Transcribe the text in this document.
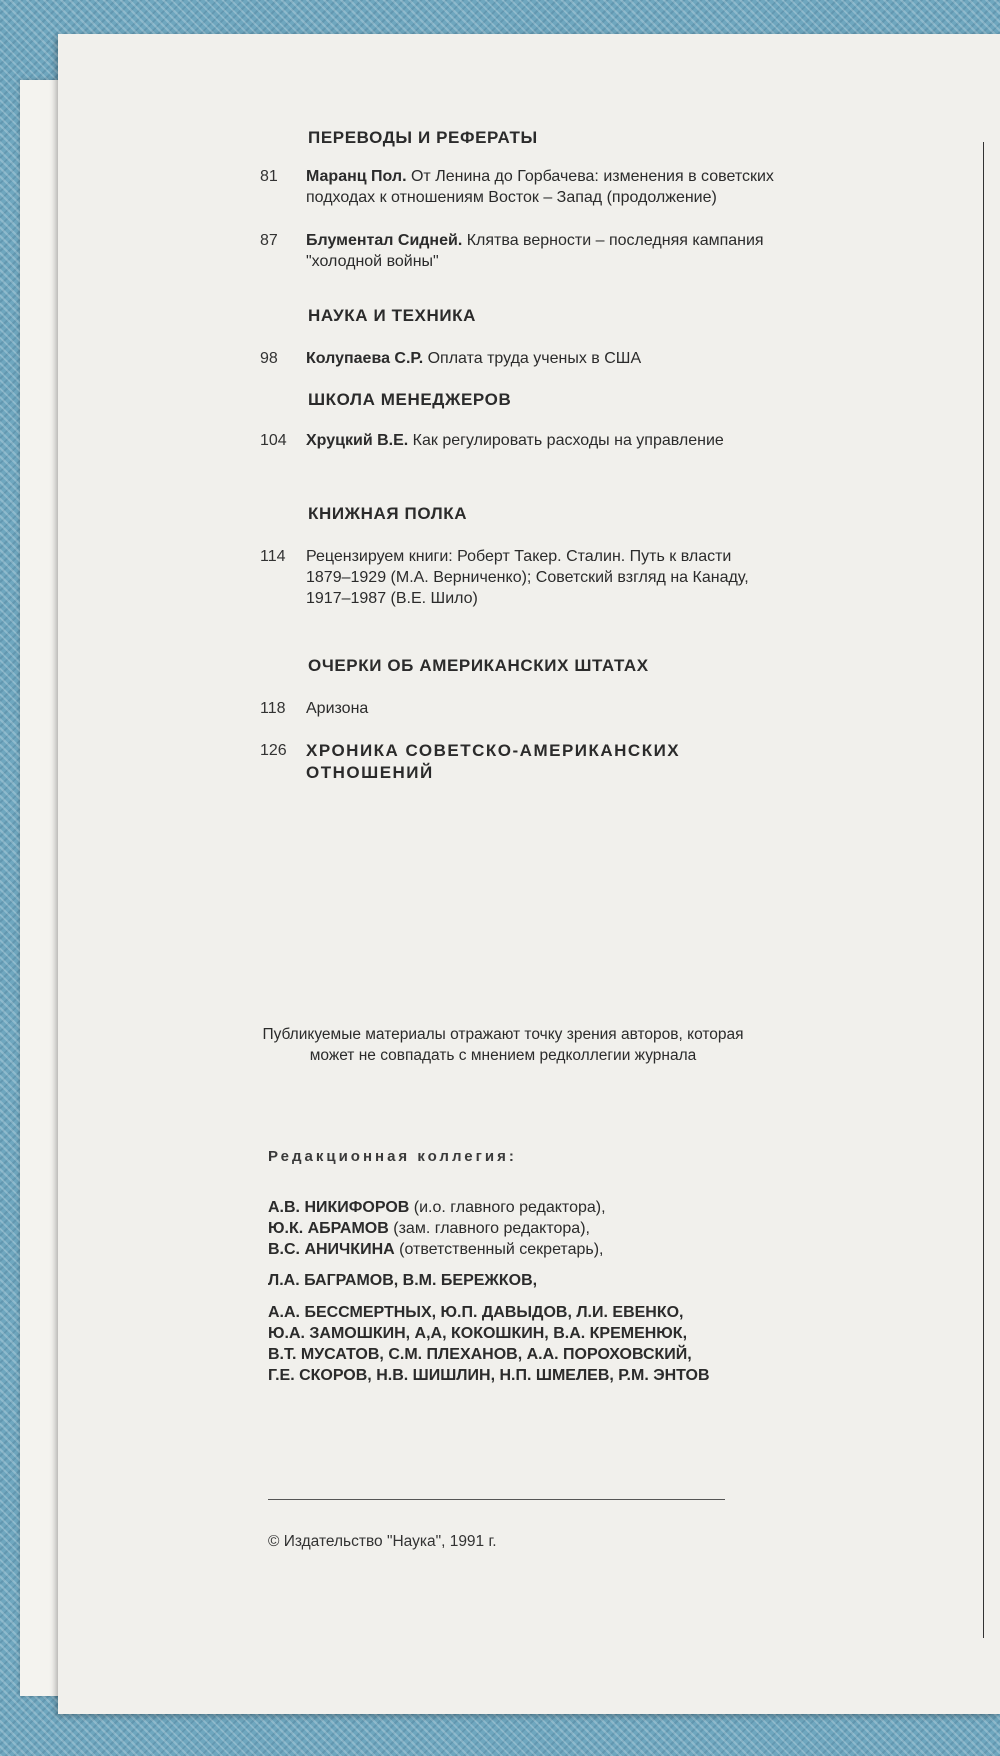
ПЕРЕВОДЫ И РЕФЕРАТЫ
81	Маранц Пол. От Ленина до Горбачева: изменения в советских подходах к отношениям Восток – Запад (продолжение)
87	Блументал Сидней. Клятва верности – последняя кампания "холодной войны"
НАУКА И ТЕХНИКА
98	Колупаева С.Р. Оплата труда ученых в США
ШКОЛА МЕНЕДЖЕРОВ
104	Хруцкий В.Е. Как регулировать расходы на управление
КНИЖНАЯ ПОЛКА
114	Рецензируем книги: Роберт Такер. Сталин. Путь к власти 1879–1929 (М.А. Верниченко); Советский взгляд на Канаду, 1917–1987 (В.Е. Шило)
ОЧЕРКИ ОБ АМЕРИКАНСКИХ ШТАТАХ
118	Аризона
126	ХРОНИКА СОВЕТСКО-АМЕРИКАНСКИХ ОТНОШЕНИЙ
Публикуемые материалы отражают точку зрения авторов, которая может не совпадать с мнением редколлегии журнала
Редакционная коллегия:
А.В. НИКИФОРОВ (и.о. главного редактора),
Ю.К. АБРАМОВ (зам. главного редактора),
В.С. АНИЧКИНА (ответственный секретарь),
Л.А. БАГРАМОВ, В.М. БЕРЕЖКОВ,
А.А. БЕССМЕРТНЫХ, Ю.П. ДАВЫДОВ, Л.И. ЕВЕНКО,
Ю.А. ЗАМОШКИН, А,А, КОКОШКИН, В.А. КРЕМЕНЮК,
В.Т. МУСАТОВ, С.М. ПЛЕХАНОВ, А.А. ПОРОХОВСКИЙ,
Г.Е. СКОРОВ, Н.В. ШИШЛИН, Н.П. ШМЕЛЕВ, Р.М. ЭНТОВ
© Издательство "Наука", 1991 г.
